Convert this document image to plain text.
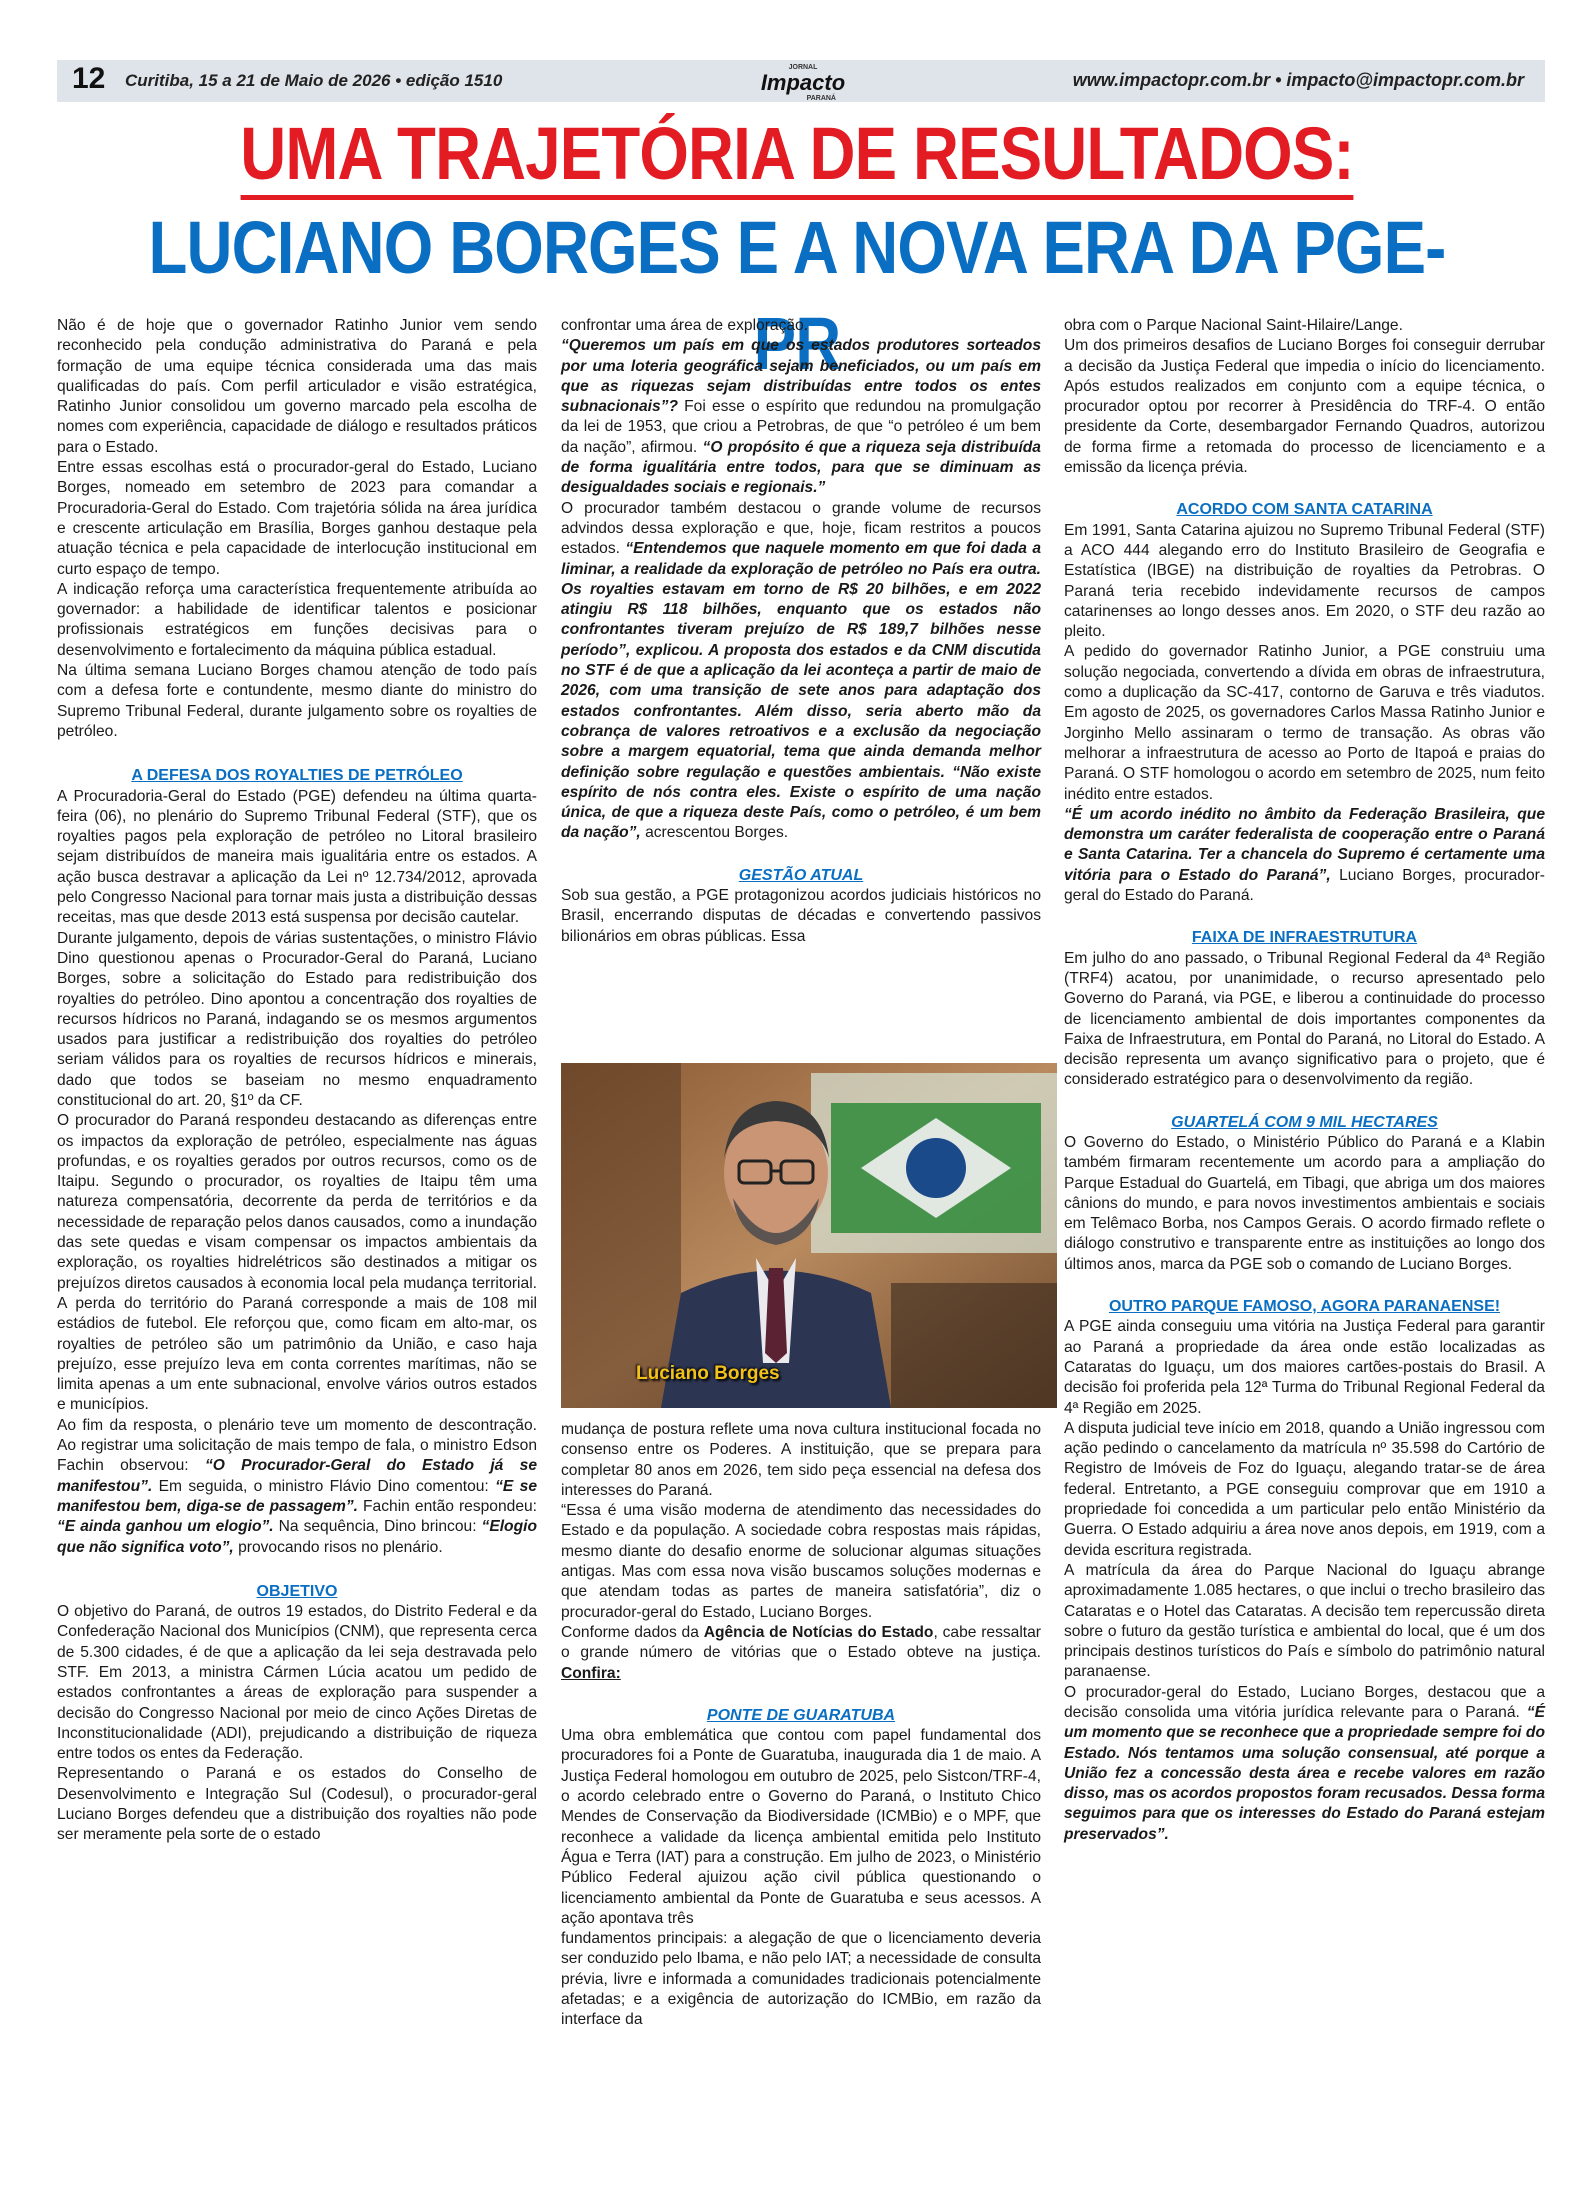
12 Curitiba, 15 a 21 de Maio de 2026 • edição 1510
JORNAL
Impacto
PARANÁ
www.impactopr.com.br • impacto@impactopr.com.br
UMA TRAJETÓRIA DE RESULTADOS:
LUCIANO BORGES E A NOVA ERA DA PGE-PR

Não é de hoje que o governador Ratinho Junior vem sendo reconhecido pela condução administrativa do Paraná e pela formação de uma equipe técnica considerada uma das mais qualificadas do país. Com perfil articulador e visão estratégica, Ratinho Junior consolidou um governo marcado pela escolha de nomes com experiência, capacidade de diálogo e resultados práticos para o Estado.

Entre essas escolhas está o procurador-geral do Estado, Luciano Borges, nomeado em setembro de 2023 para comandar a Procuradoria-Geral do Estado. Com trajetória sólida na área jurídica e crescente articulação em Brasília, Borges ganhou destaque pela atuação técnica e pela capacidade de interlocução institucional em curto espaço de tempo.

A indicação reforça uma característica frequentemente atribuída ao governador: a habilidade de identificar talentos e posicionar profissionais estratégicos em funções decisivas para o desenvolvimento e fortalecimento da máquina pública estadual.

Na última semana Luciano Borges chamou atenção de todo país com a defesa forte e contundente, mesmo diante do ministro do Supremo Tribunal Federal, durante julgamento sobre os royalties de petróleo.

A DEFESA DOS ROYALTIES DE PETRÓLEO

A Procuradoria-Geral do Estado (PGE) defendeu na última quarta-feira (06), no plenário do Supremo Tribunal Federal (STF), que os royalties pagos pela exploração de petróleo no Litoral brasileiro sejam distribuídos de maneira mais igualitária entre os estados. A ação busca destravar a aplicação da Lei nº 12.734/2012, aprovada pelo Congresso Nacional para tornar mais justa a distribuição dessas receitas, mas que desde 2013 está suspensa por decisão cautelar.

Durante julgamento, depois de várias sustentações, o ministro Flávio Dino questionou apenas o Procurador-Geral do Paraná, Luciano Borges, sobre a solicitação do Estado para redistribuição dos royalties do petróleo. Dino apontou a concentração dos royalties de recursos hídricos no Paraná, indagando se os mesmos argumentos usados para justificar a redistribuição dos royalties do petróleo seriam válidos para os royalties de recursos hídricos e minerais, dado que todos se baseiam no mesmo enquadramento constitucional do art. 20, §1º da CF.

O procurador do Paraná respondeu destacando as diferenças entre os impactos da exploração de petróleo, especialmente nas águas profundas, e os royalties gerados por outros recursos, como os de Itaipu. Segundo o procurador, os royalties de Itaipu têm uma natureza compensatória, decorrente da perda de territórios e da necessidade de reparação pelos danos causados, como a inundação das sete quedas e visam compensar os impactos ambientais da exploração, os royalties hidrelétricos são destinados a mitigar os prejuízos diretos causados à economia local pela mudança territorial. A perda do território do Paraná corresponde a mais de 108 mil estádios de futebol. Ele reforçou que, como ficam em alto-mar, os royalties de petróleo são um patrimônio da União, e caso haja prejuízo, esse prejuízo leva em conta correntes marítimas, não se limita apenas a um ente subnacional, envolve vários outros estados e municípios.

Ao fim da resposta, o plenário teve um momento de descontração. Ao registrar uma solicitação de mais tempo de fala, o ministro Edson Fachin observou: “O Procurador-Geral do Estado já se manifestou”. Em seguida, o ministro Flávio Dino comentou: “E se manifestou bem, diga-se de passagem”. Fachin então respondeu: “E ainda ganhou um elogio”. Na sequência, Dino brincou: “Elogio que não significa voto”, provocando risos no plenário.

OBJETIVO

O objetivo do Paraná, de outros 19 estados, do Distrito Federal e da Confederação Nacional dos Municípios (CNM), que representa cerca de 5.300 cidades, é de que a aplicação da lei seja destravada pelo STF. Em 2013, a ministra Cármen Lúcia acatou um pedido de estados confrontantes a áreas de exploração para suspender a decisão do Congresso Nacional por meio de cinco Ações Diretas de Inconstitucionalidade (ADI), prejudicando a distribuição de riqueza entre todos os entes da Federação.

Representando o Paraná e os estados do Conselho de Desenvolvimento e Integração Sul (Codesul), o procurador-geral Luciano Borges defendeu que a distribuição dos royalties não pode ser meramente pela sorte de o estado

confrontar uma área de exploração.

“Queremos um país em que os estados produtores sorteados por uma loteria geográfica sejam beneficiados, ou um país em que as riquezas sejam distribuídas entre todos os entes subnacionais”? Foi esse o espírito que redundou na promulgação da lei de 1953, que criou a Petrobras, de que “o petróleo é um bem da nação”, afirmou. “O propósito é que a riqueza seja distribuída de forma igualitária entre todos, para que se diminuam as desigualdades sociais e regionais.”

O procurador também destacou o grande volume de recursos advindos dessa exploração e que, hoje, ficam restritos a poucos estados. “Entendemos que naquele momento em que foi dada a liminar, a realidade da exploração de petróleo no País era outra. Os royalties estavam em torno de R$ 20 bilhões, e em 2022 atingiu R$ 118 bilhões, enquanto que os estados não confrontantes tiveram prejuízo de R$ 189,7 bilhões nesse período”, explicou. A proposta dos estados e da CNM discutida no STF é de que a aplicação da lei aconteça a partir de maio de 2026, com uma transição de sete anos para adaptação dos estados confrontantes. Além disso, seria aberto mão da cobrança de valores retroativos e a exclusão da negociação sobre a margem equatorial, tema que ainda demanda melhor definição sobre regulação e questões ambientais. “Não existe espírito de nós contra eles. Existe o espírito de uma nação única, de que a riqueza deste País, como o petróleo, é um bem da nação”, acrescentou Borges.

GESTÃO ATUAL

Sob sua gestão, a PGE protagonizou acordos judiciais históricos no Brasil, encerrando disputas de décadas e convertendo passivos bilionários em obras públicas. Essa

Luciano Borges

mudança de postura reflete uma nova cultura institucional focada no consenso entre os Poderes. A instituição, que se prepara para completar 80 anos em 2026, tem sido peça essencial na defesa dos interesses do Paraná.

“Essa é uma visão moderna de atendimento das necessidades do Estado e da população. A sociedade cobra respostas mais rápidas, mesmo diante do desafio enorme de solucionar algumas situações antigas. Mas com essa nova visão buscamos soluções modernas e que atendam todas as partes de maneira satisfatória”, diz o procurador-geral do Estado, Luciano Borges.

Conforme dados da Agência de Notícias do Estado, cabe ressaltar o grande número de vitórias que o Estado obteve na justiça. Confira:

PONTE DE GUARATUBA

Uma obra emblemática que contou com papel fundamental dos procuradores foi a Ponte de Guaratuba, inaugurada dia 1 de maio. A Justiça Federal homologou em outubro de 2025, pelo Sistcon/TRF-4, o acordo celebrado entre o Governo do Paraná, o Instituto Chico Mendes de Conservação da Biodiversidade (ICMBio) e o MPF, que reconhece a validade da licença ambiental emitida pelo Instituto Água e Terra (IAT) para a construção. Em julho de 2023, o Ministério Público Federal ajuizou ação civil pública questionando o licenciamento ambiental da Ponte de Guaratuba e seus acessos. A ação apontava três

fundamentos principais: a alegação de que o licenciamento deveria ser conduzido pelo Ibama, e não pelo IAT; a necessidade de consulta prévia, livre e informada a comunidades tradicionais potencialmente afetadas; e a exigência de autorização do ICMBio, em razão da interface da

obra com o Parque Nacional Saint-Hilaire/Lange.

Um dos primeiros desafios de Luciano Borges foi conseguir derrubar a decisão da Justiça Federal que impedia o início do licenciamento. Após estudos realizados em conjunto com a equipe técnica, o procurador optou por recorrer à Presidência do TRF-4. O então presidente da Corte, desembargador Fernando Quadros, autorizou de forma firme a retomada do processo de licenciamento e a emissão da licença prévia.

ACORDO COM SANTA CATARINA

Em 1991, Santa Catarina ajuizou no Supremo Tribunal Federal (STF) a ACO 444 alegando erro do Instituto Brasileiro de Geografia e Estatística (IBGE) na distribuição de royalties da Petrobras. O Paraná teria recebido indevidamente recursos de campos catarinenses ao longo desses anos. Em 2020, o STF deu razão ao pleito.

A pedido do governador Ratinho Junior, a PGE construiu uma solução negociada, convertendo a dívida em obras de infraestrutura, como a duplicação da SC-417, contorno de Garuva e três viadutos. Em agosto de 2025, os governadores Carlos Massa Ratinho Junior e Jorginho Mello assinaram o termo de transação. As obras vão melhorar a infraestrutura de acesso ao Porto de Itapoá e praias do Paraná. O STF homologou o acordo em setembro de 2025, num feito inédito entre estados.

“É um acordo inédito no âmbito da Federação Brasileira, que demonstra um caráter federalista de cooperação entre o Paraná e Santa Catarina. Ter a chancela do Supremo é certamente uma vitória para o Estado do Paraná”, Luciano Borges, procurador-geral do Estado do Paraná.

FAIXA DE INFRAESTRUTURA

Em julho do ano passado, o Tribunal Regional Federal da 4ª Região (TRF4) acatou, por unanimidade, o recurso apresentado pelo Governo do Paraná, via PGE, e liberou a continuidade do processo de licenciamento ambiental de dois importantes componentes da Faixa de Infraestrutura, em Pontal do Paraná, no Litoral do Estado. A decisão representa um avanço significativo para o projeto, que é considerado estratégico para o desenvolvimento da região.

GUARTELÁ COM 9 MIL HECTARES

O Governo do Estado, o Ministério Público do Paraná e a Klabin também firmaram recentemente um acordo para a ampliação do Parque Estadual do Guartelá, em Tibagi, que abriga um dos maiores cânions do mundo, e para novos investimentos ambientais e sociais em Telêmaco Borba, nos Campos Gerais. O acordo firmado reflete o diálogo construtivo e transparente entre as instituições ao longo dos últimos anos, marca da PGE sob o comando de Luciano Borges.

OUTRO PARQUE FAMOSO, AGORA PARANAENSE!

A PGE ainda conseguiu uma vitória na Justiça Federal para garantir ao Paraná a propriedade da área onde estão localizadas as Cataratas do Iguaçu, um dos maiores cartões-postais do Brasil. A decisão foi proferida pela 12ª Turma do Tribunal Regional Federal da 4ª Região em 2025.

A disputa judicial teve início em 2018, quando a União ingressou com ação pedindo o cancelamento da matrícula nº 35.598 do Cartório de Registro de Imóveis de Foz do Iguaçu, alegando tratar-se de área federal. Entretanto, a PGE conseguiu comprovar que em 1910 a propriedade foi concedida a um particular pelo então Ministério da Guerra. O Estado adquiriu a área nove anos depois, em 1919, com a devida escritura registrada.

A matrícula da área do Parque Nacional do Iguaçu abrange aproximadamente 1.085 hectares, o que inclui o trecho brasileiro das Cataratas e o Hotel das Cataratas. A decisão tem repercussão direta sobre o futuro da gestão turística e ambiental do local, que é um dos principais destinos turísticos do País e símbolo do patrimônio natural paranaense.

O procurador-geral do Estado, Luciano Borges, destacou que a decisão consolida uma vitória jurídica relevante para o Paraná. “É um momento que se reconhece que a propriedade sempre foi do Estado. Nós tentamos uma solução consensual, até porque a União fez a concessão desta área e recebe valores em razão disso, mas os acordos propostos foram recusados. Dessa forma seguimos para que os interesses do Estado do Paraná estejam preservados”.
